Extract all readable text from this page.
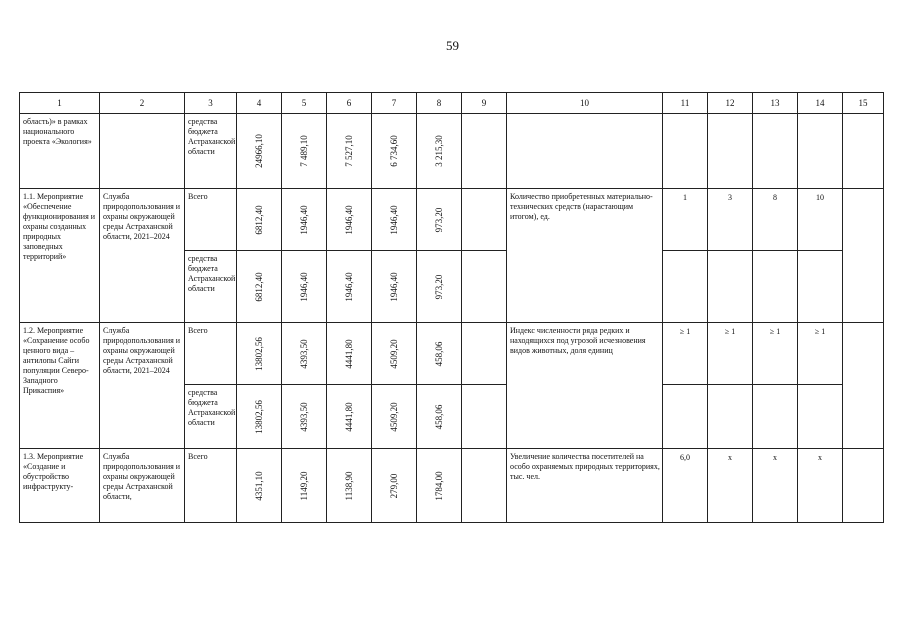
59
1	2	3	4	5	6	7	8	9	10	11	12	13	14	15
область)» в рамках национального проекта «Экология»		средства бюджета Астраханской области	24966,10	7 489,10	7 527,10	6 734,60	3 215,30							

1.1. Мероприятие «Обеспечение функционирования и охраны созданных природных заповедных территорий»	Служба природопользования и охраны окружающей среды Астраханской области, 2021–2024	Всего	6812,40	1946,40	1946,40	1946,40	973,20		Количество приобретенных материально-технических средств (нарастающим итогом), ед.	1	3	8	10	
		средства бюджета Астраханской области	6812,40	1946,40	1946,40	1946,40	973,20							

1.2. Мероприятие «Сохранение особо ценного вида – антилопы Сайги популяции Северо-Западного Прикаспия»	Служба природопользования и охраны окружающей среды Астраханской области, 2021–2024	Всего	13802,56	4393,50	4441,80	4509,20	458,06		Индекс численности ряда редких и находящихся под угрозой исчезновения видов животных, доля единиц	≥ 1	≥ 1	≥ 1	≥ 1	
		средства бюджета Астраханской области	13802,56	4393,50	4441,80	4509,20	458,06							

1.3. Мероприятие «Создание и обустройство инфраструкту-	Служба природопользования и охраны окружающей среды Астраханской области,	Всего	4351,10	1149,20	1138,90	279,00	1784,00		Увеличение количества посетителей на особо охраняемых природных территориях, тыс. чел.	6,0	х	х	х	
